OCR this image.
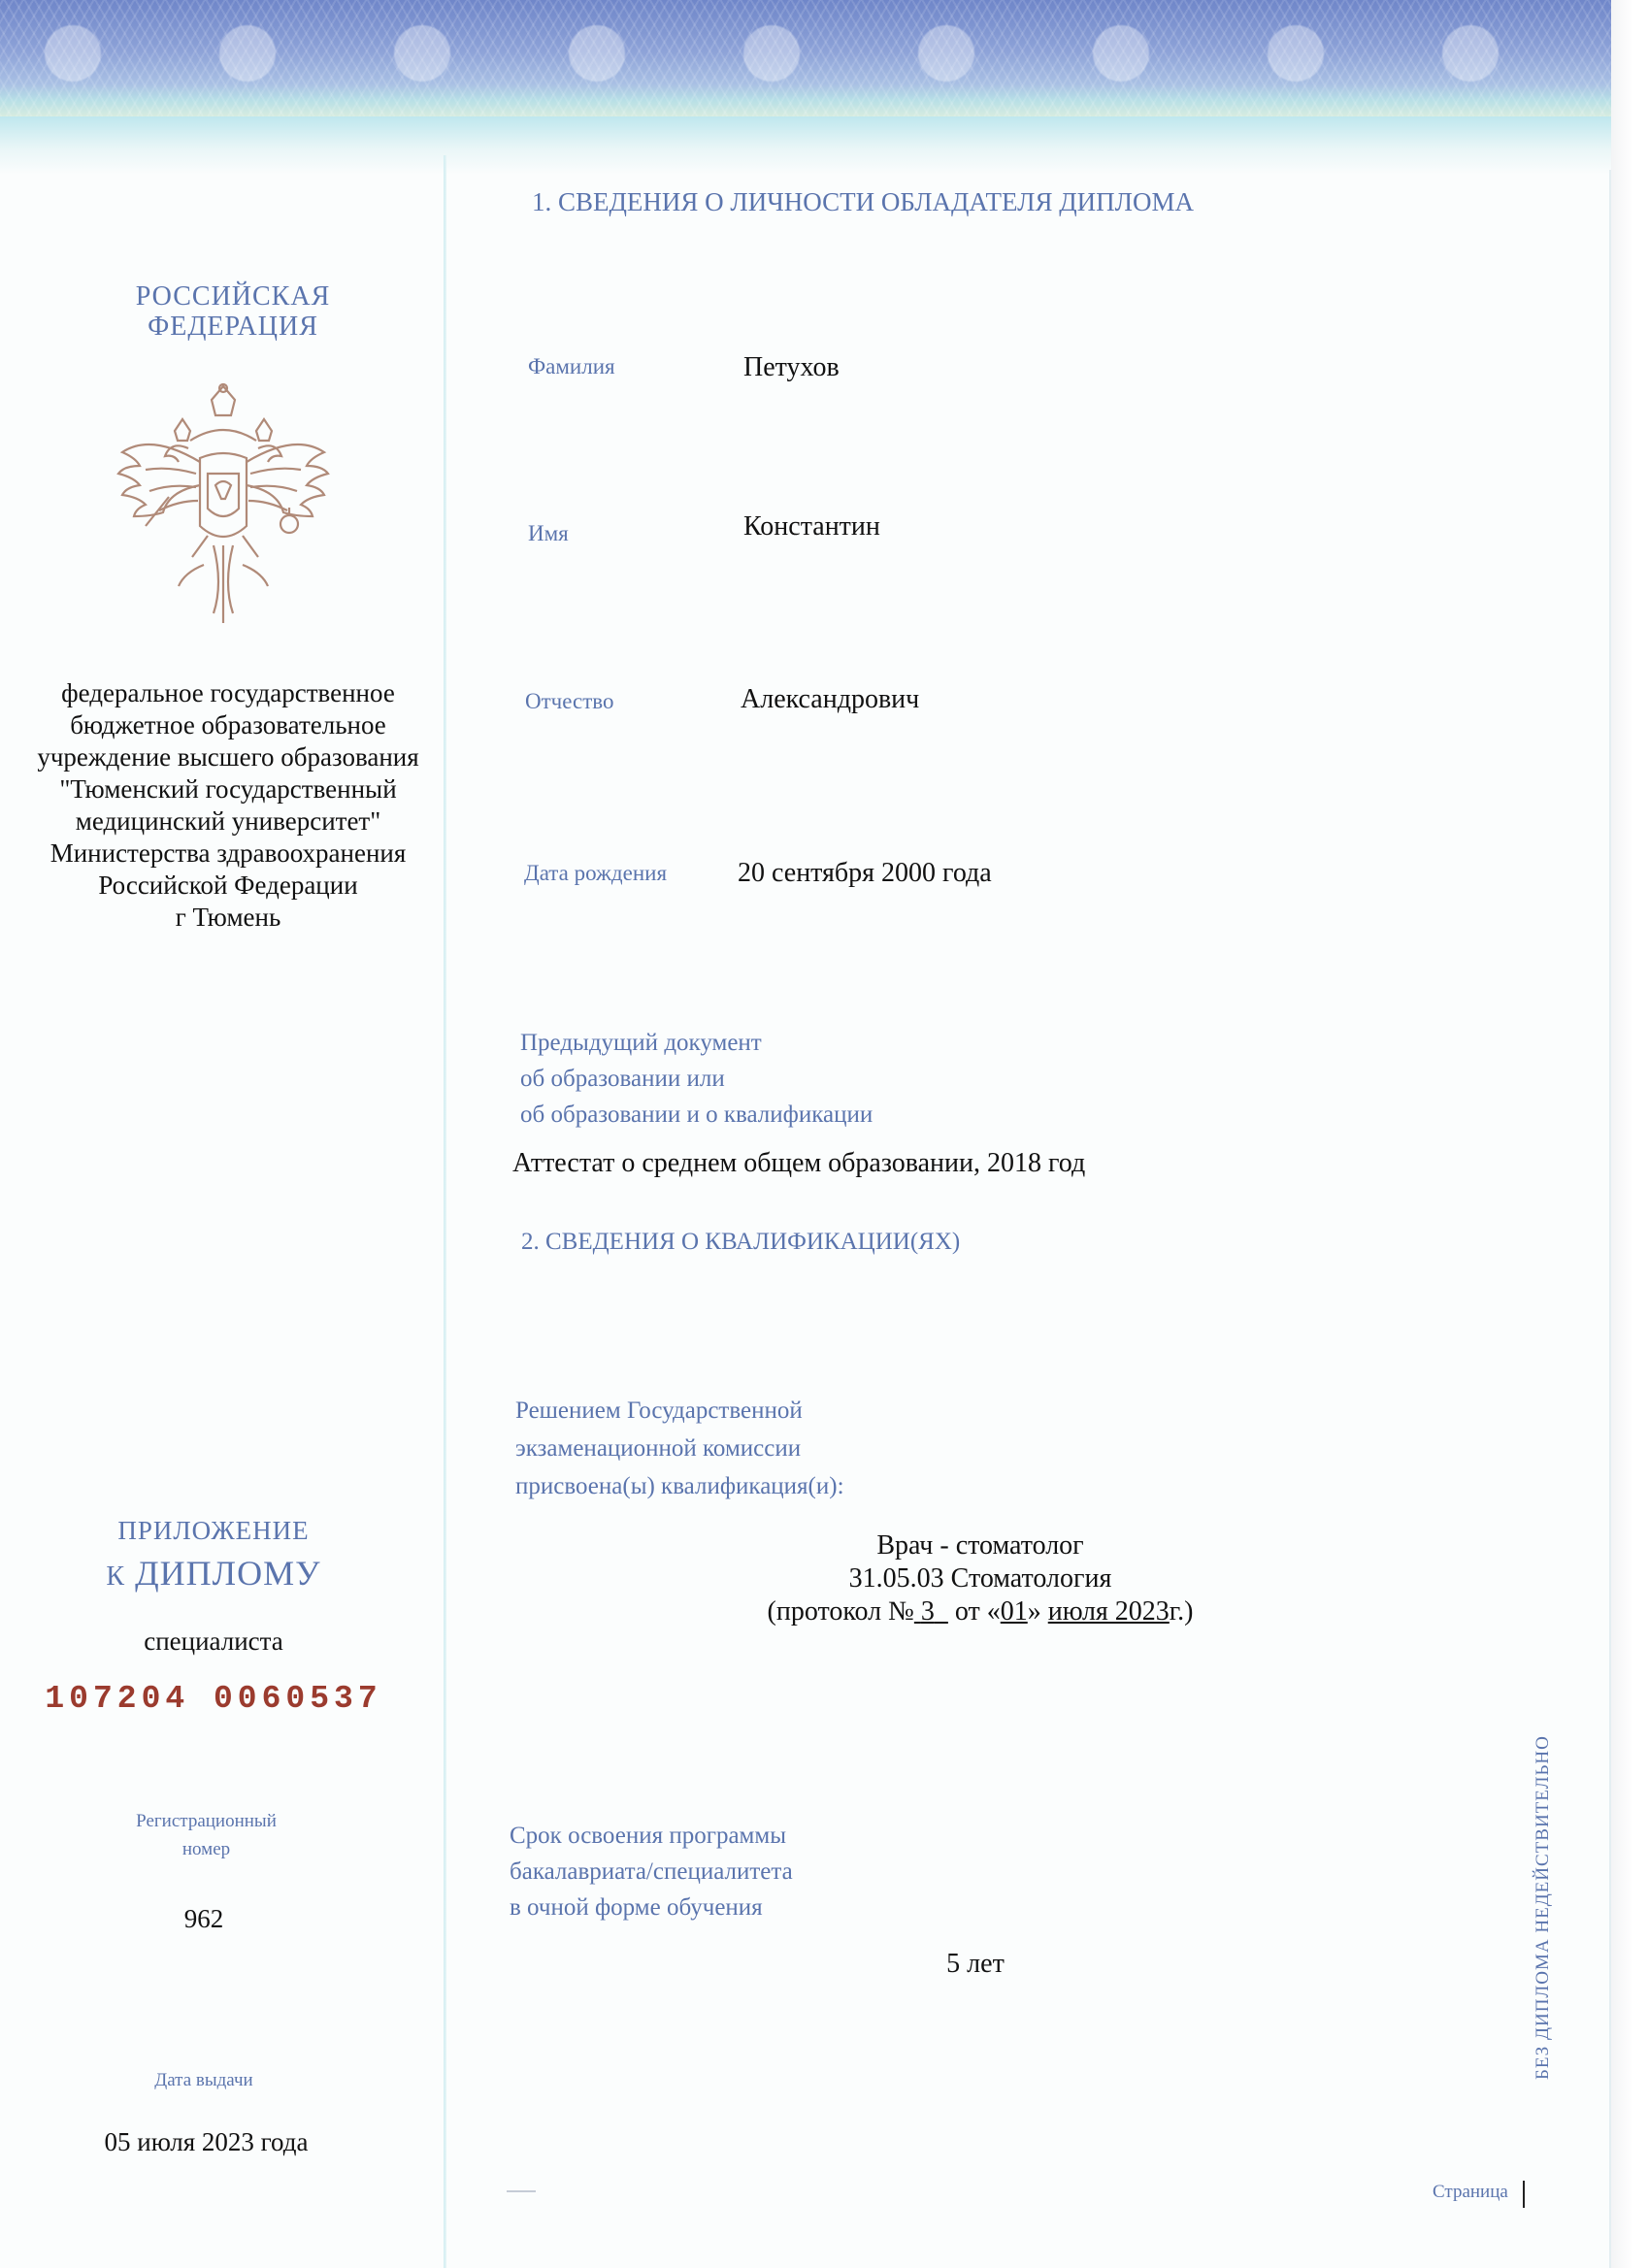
РОССИЙСКАЯ
ФЕДЕРАЦИЯ
федеральное государственное
бюджетное образовательное
учреждение высшего образования
"Тюменский государственный
медицинский университет"
Министерства здравоохранения
Российской Федерации
г Тюмень
ПРИЛОЖЕНИЕ
К ДИПЛОМУ
специалиста
107204 0060537
Регистрационный
номер
962
Дата выдачи
05 июля 2023 года
1. СВЕДЕНИЯ О ЛИЧНОСТИ ОБЛАДАТЕЛЯ ДИПЛОМА
Фамилия	Петухов
Имя	Константин
Отчество	Александрович
Дата рождения	20 сентября 2000 года
Предыдущий документ
об образовании или
об образовании и о квалификации
Аттестат о среднем общем образовании, 2018 год
2. СВЕДЕНИЯ О КВАЛИФИКАЦИИ(ЯХ)
Решением Государственной
экзаменационной комиссии
присвоена(ы) квалификация(и):
Врач - стоматолог
31.05.03 Стоматология
(протокол № 3 от «01» июля 2023г.)
Срок освоения программы
бакалавриата/специалитета
в очной форме обучения
5 лет	БЕЗ ДИПЛОМА НЕДЕЙСТВИТЕЛЬНО
Страница
